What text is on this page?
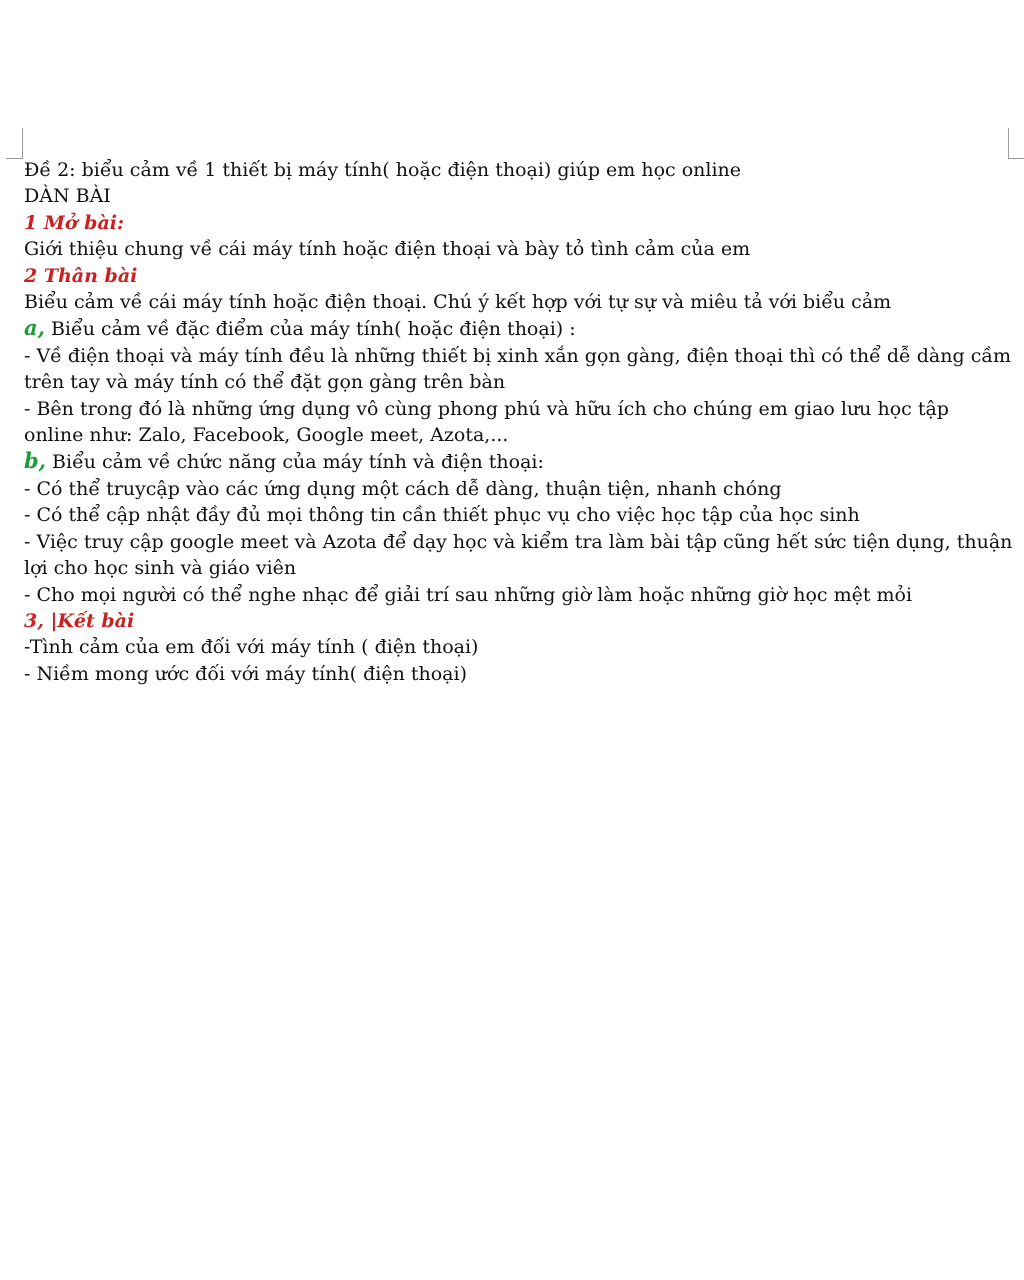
Đề 2: biểu cảm về 1 thiết bị máy tính( hoặc điện thoại) giúp em học online
DÀN BÀI
1 Mở bài:
Giới thiệu chung về cái máy tính hoặc điện thoại và bày tỏ tình cảm của em
2 Thân bài
Biểu cảm về cái máy tính hoặc điện thoại. Chú ý kết hợp với tự sự và miêu tả với biểu cảm
a, Biểu cảm về đặc điểm của máy tính( hoặc điện thoại) :
- Về điện thoại và máy tính đều là những thiết bị xinh xắn gọn gàng, điện thoại thì có thể dễ dàng cầm trên tay và máy tính có thể đặt gọn gàng trên bàn
- Bên trong đó là những ứng dụng vô cùng phong phú và hữu ích cho chúng em giao lưu học tập online như: Zalo, Facebook, Google meet, Azota,...
b, Biểu cảm về chức năng của máy tính và điện thoại:
- Có thể truycập vào các ứng dụng một cách dễ dàng, thuận tiện, nhanh chóng
- Có thể cập nhật đầy đủ mọi thông tin cần thiết phục vụ cho việc học tập của học sinh
- Việc truy cập google meet và Azota để dạy học và kiểm tra làm bài tập cũng hết sức tiện dụng, thuận lợi cho học sinh và giáo viên
- Cho mọi người có thể nghe nhạc để giải trí sau những giờ làm hoặc những giờ học mệt mỏi
3, |Kết bài
-Tình cảm của em đối với máy tính ( điện thoại)
- Niềm mong ước đối với máy tính( điện thoại)
